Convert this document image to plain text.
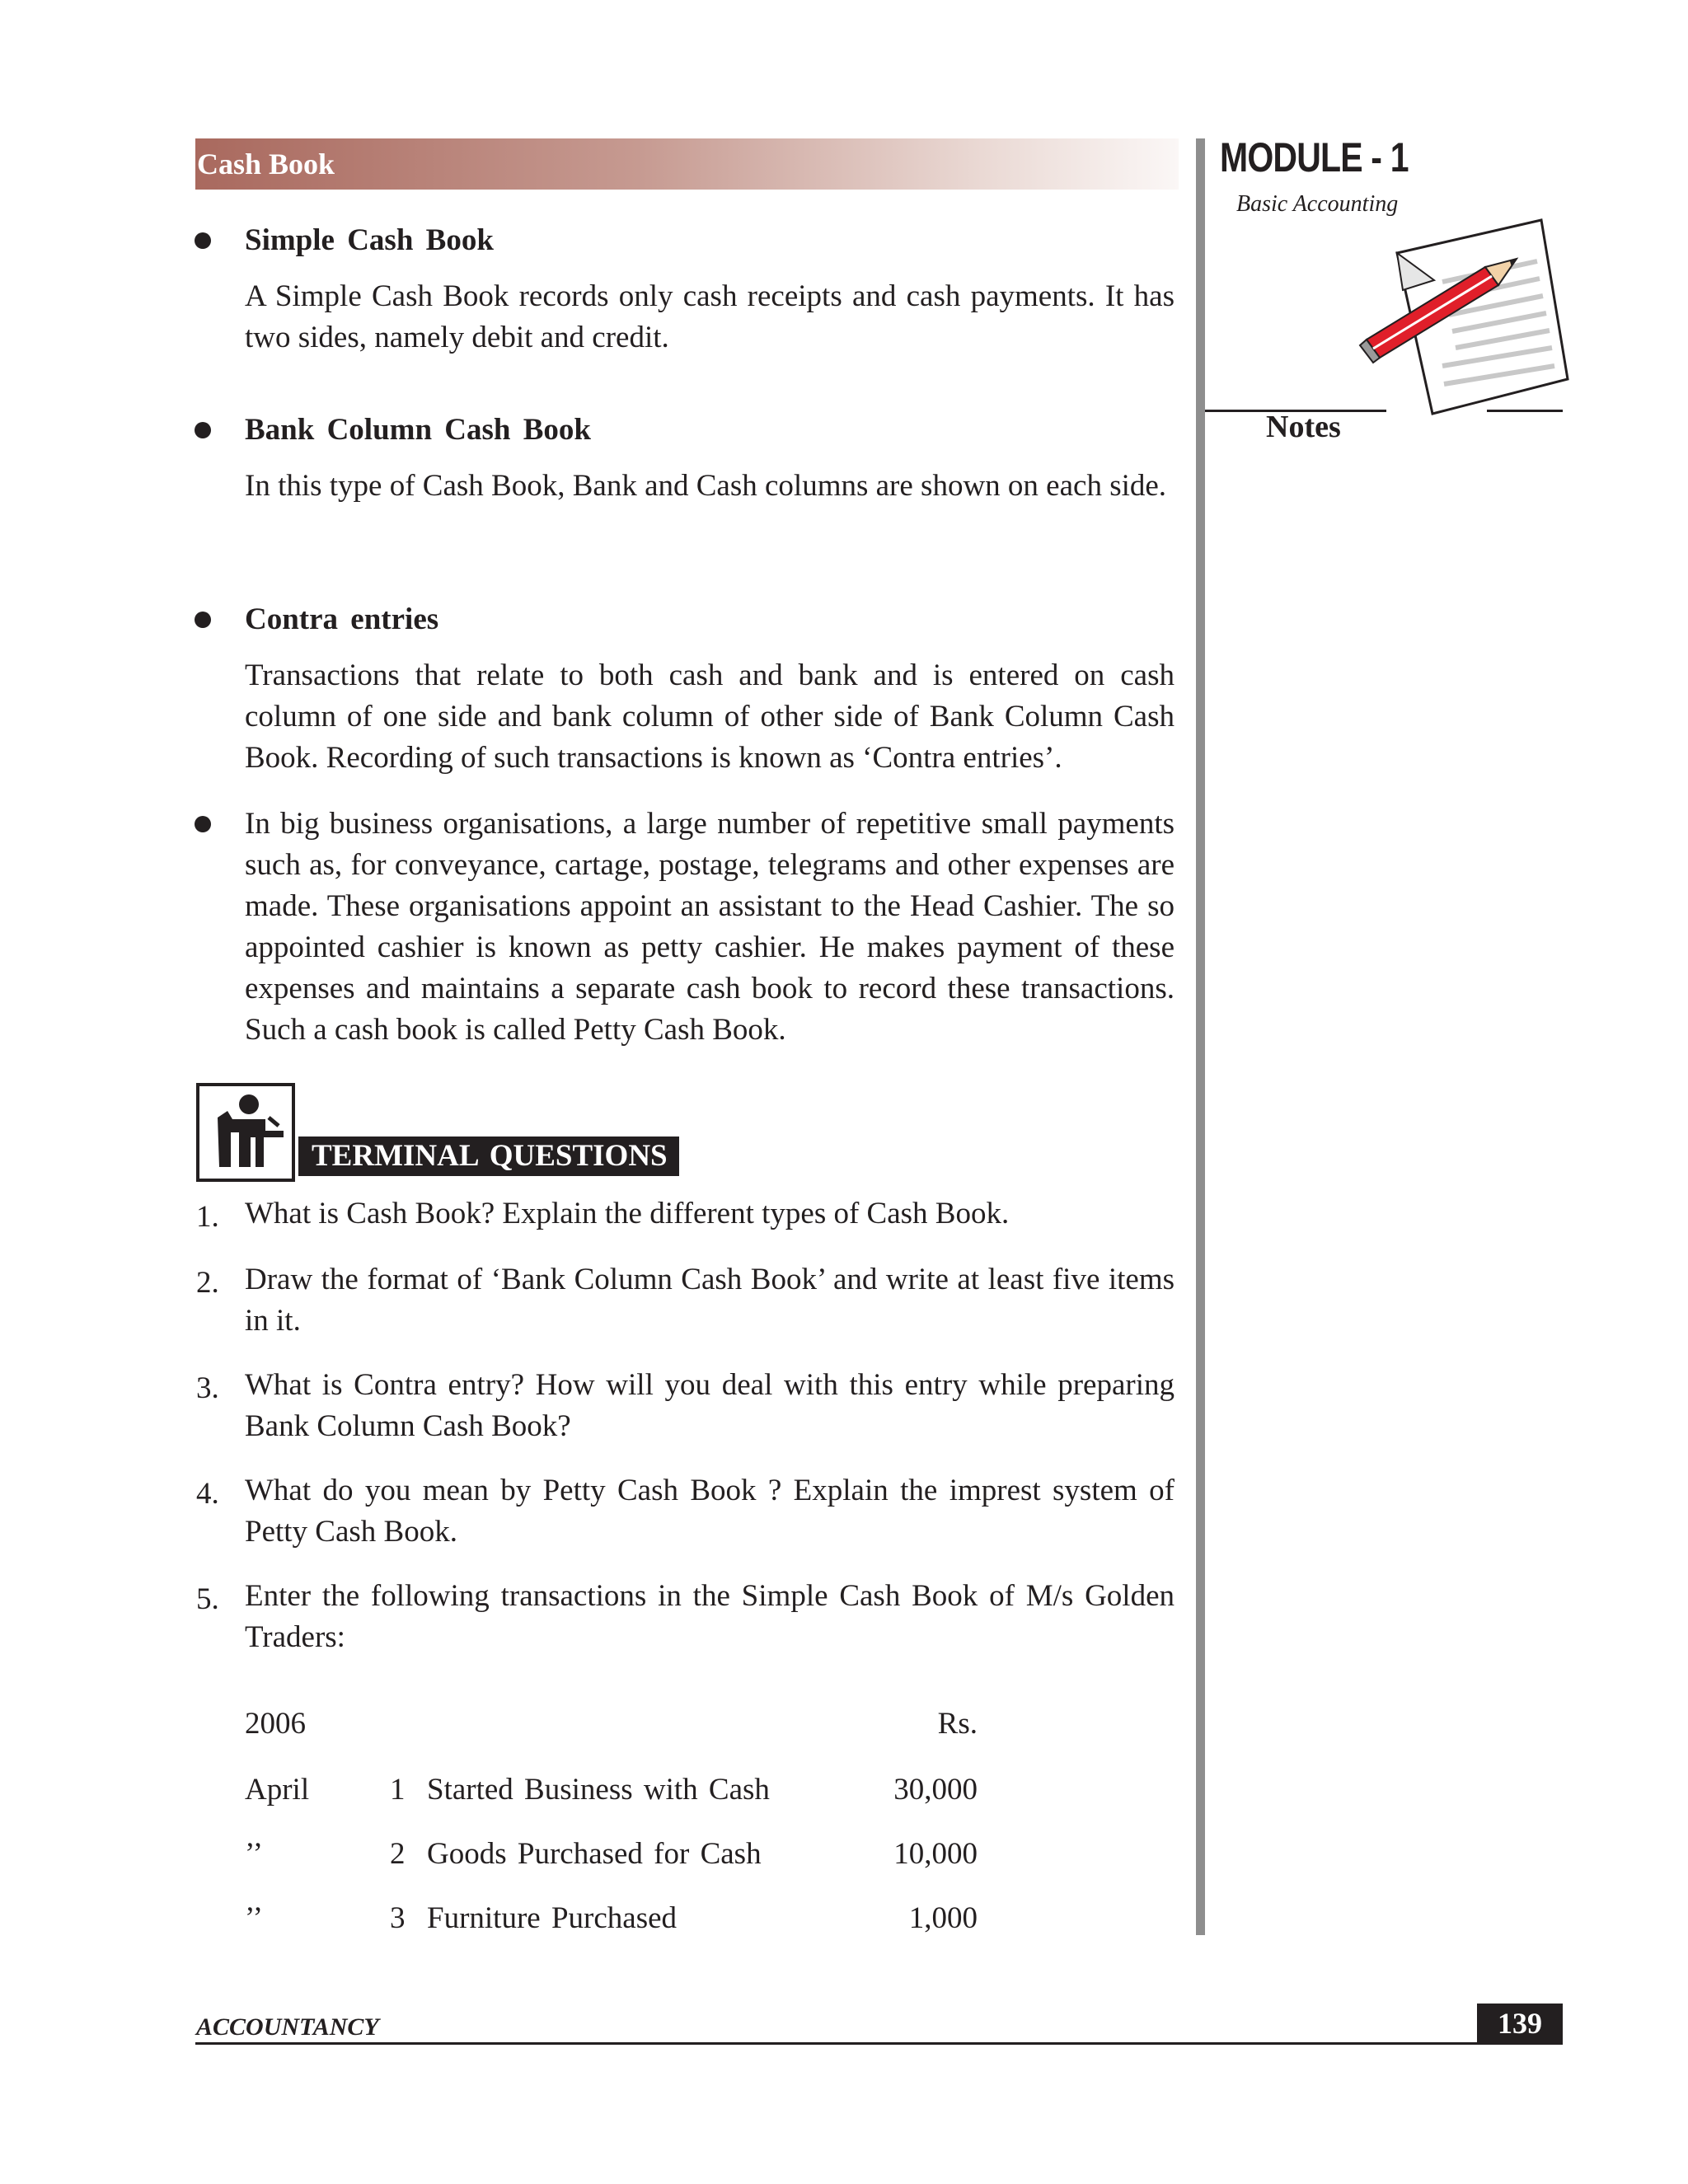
Cash Book	MODULE - 1
Basic Accounting
Notes
Simple Cash Book
A Simple Cash Book records only cash receipts and cash payments. It has two sides, namely debit and credit.
Bank Column Cash Book
In this type of Cash Book, Bank and Cash columns are shown on each side.
Contra entries
Transactions that relate to both cash and bank and is entered on cash column of one side and bank column of other side of Bank Column Cash Book. Recording of such transactions is known as ‘Contra entries’.
In big business organisations, a large number of repetitive small payments such as, for conveyance, cartage, postage, telegrams and other expenses are made. These organisations appoint an assistant to the Head Cashier. The so appointed cashier is known as petty cashier. He makes payment of these expenses and maintains a separate cash book to record these transactions. Such a cash book is called Petty Cash Book.
TERMINAL QUESTIONS
1. What is Cash Book? Explain the different types of Cash Book.
2. Draw the format of ‘Bank Column Cash Book’ and write at least five items in it.
3. What is Contra entry? How will you deal with this entry while preparing Bank Column Cash Book?
4. What do you mean by Petty Cash Book ? Explain the imprest system of Petty Cash Book.
5. Enter the following transactions in the Simple Cash Book of M/s Golden Traders:
2006	Rs.
April	1 Started Business with Cash	30,000
’’	2 Goods Purchased for Cash	10,000
’’	3 Furniture Purchased	1,000
ACCOUNTANCY	139
